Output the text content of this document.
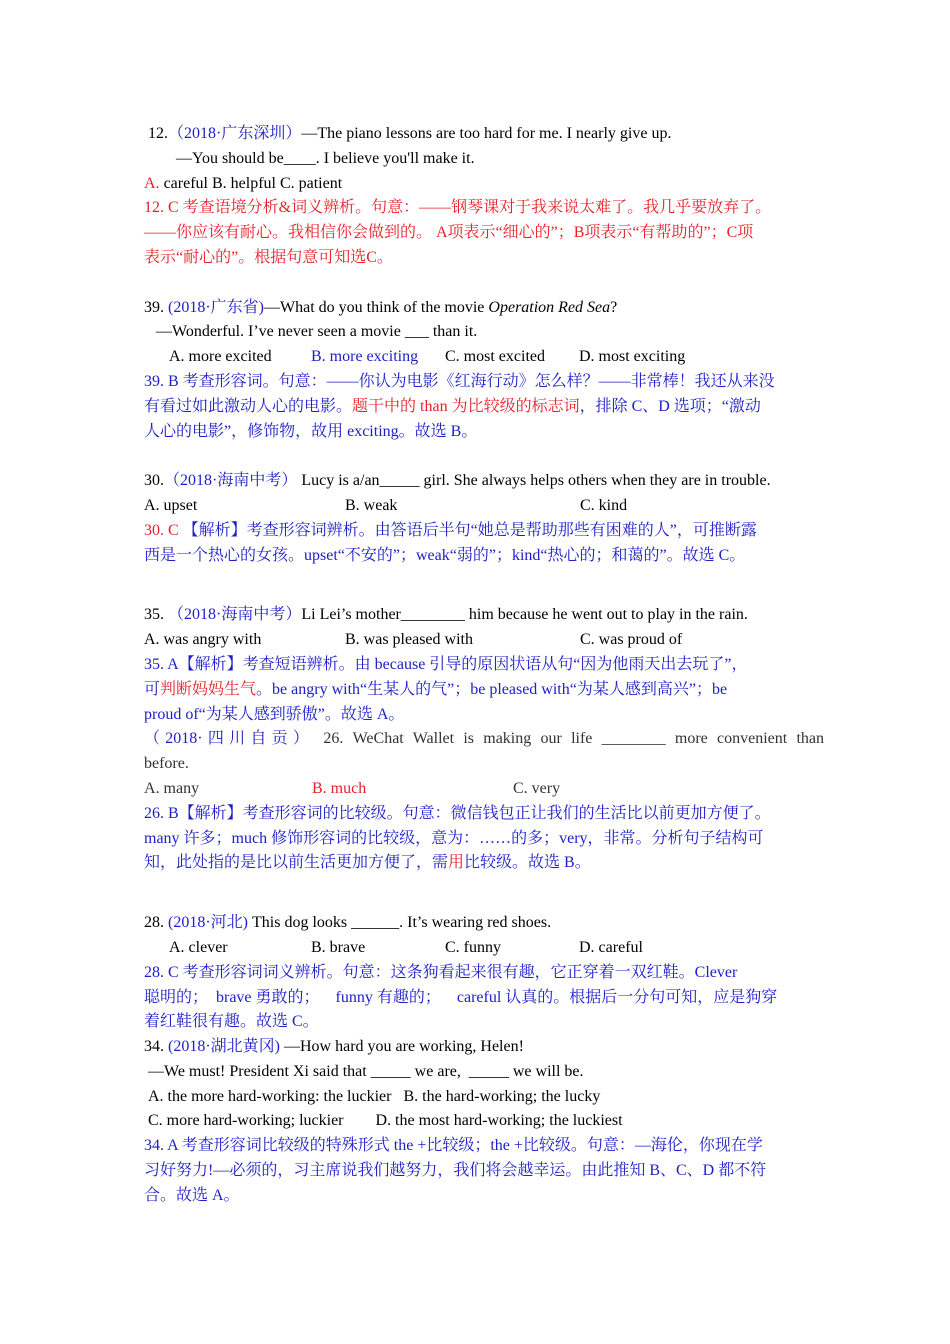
12.（2018·广东深圳）—The piano lessons are too hard for me. I nearly give up.
—You should be____. I believe you'll make it.
A. careful B. helpful C. patient
12. C 考查语境分析&词义辨析。句意：——钢琴课对于我来说太难了。我几乎要放弃了。
——你应该有耐心。我相信你会做到的。 A项表示“细心的”；B项表示“有帮助的”；C项
表示“耐心的”。根据句意可知选C。
39. (2018·广东省)—What do you think of the movie Operation Red Sea?
—Wonderful. I’ve never seen a movie ___ than it.
A. more excited B. more exciting C. most excited D. most exciting
39. B 考查形容词。句意：——你认为电影《红海行动》怎么样？——非常棒！我还从来没
有看过如此激动人心的电影。题干中的 than 为比较级的标志词，排除 C、D 选项；“激动
人心的电影”，修饰物，故用 exciting。故选 B。
30.（2018·海南中考） Lucy is a/an_____ girl. She always helps others when they are in trouble.
A. upset	B. weak	C. kind
30. C 【解析】考查形容词辨析。由答语后半句“她总是帮助那些有困难的人”，可推断露
西是一个热心的女孩。upset“不安的”；weak“弱的”；kind“热心的；和蔼的”。故选 C。
35. （2018·海南中考）Li Lei’s mother________ him because he went out to play in the rain.
A. was angry with	B. was pleased with	C. was proud of
35. A【解析】考查短语辨析。由 because 引导的原因状语从句“因为他雨天出去玩了”，
可判断妈妈生气。be angry with“生某人的气”；be pleased with“为某人感到高兴”；be
proud of“为某人感到骄傲”。故选 A。
（2018·四川自贡） 26. WeChat Wallet is making our life ________ more convenient than
before.
A. many	B. much	C. very
26. B【解析】考查形容词的比较级。句意：微信钱包正让我们的生活比以前更加方便了。
many 许多；much 修饰形容词的比较级，意为：……的多；very，非常。分析句子结构可
知，此处指的是比以前生活更加方便了，需用比较级。故选 B。
28. (2018·河北) This dog looks ______. It’s wearing red shoes.
A. clever	B. brave	C. funny	D. careful
28. C 考查形容词词义辨析。句意：这条狗看起来很有趣，它正穿着一双红鞋。Clever
聪明的；  brave 勇敢的；    funny 有趣的；    careful 认真的。根据后一分句可知，应是狗穿
着红鞋很有趣。故选 C。
34. (2018·湖北黄冈) —How hard you are working, Helen!
—We must! President Xi said that _____ we are,  _____ we will be.
A. the more hard-working: the luckier   B. the hard-working; the lucky
C. more hard-working; luckier        D. the most hard-working; the luckiest
34. A 考查形容词比较级的特殊形式 the +比较级；the +比较级。句意：—海伦，你现在学
习好努力!—必须的，习主席说我们越努力，我们将会越幸运。由此推知 B、C、D 都不符
合。故选 A。
